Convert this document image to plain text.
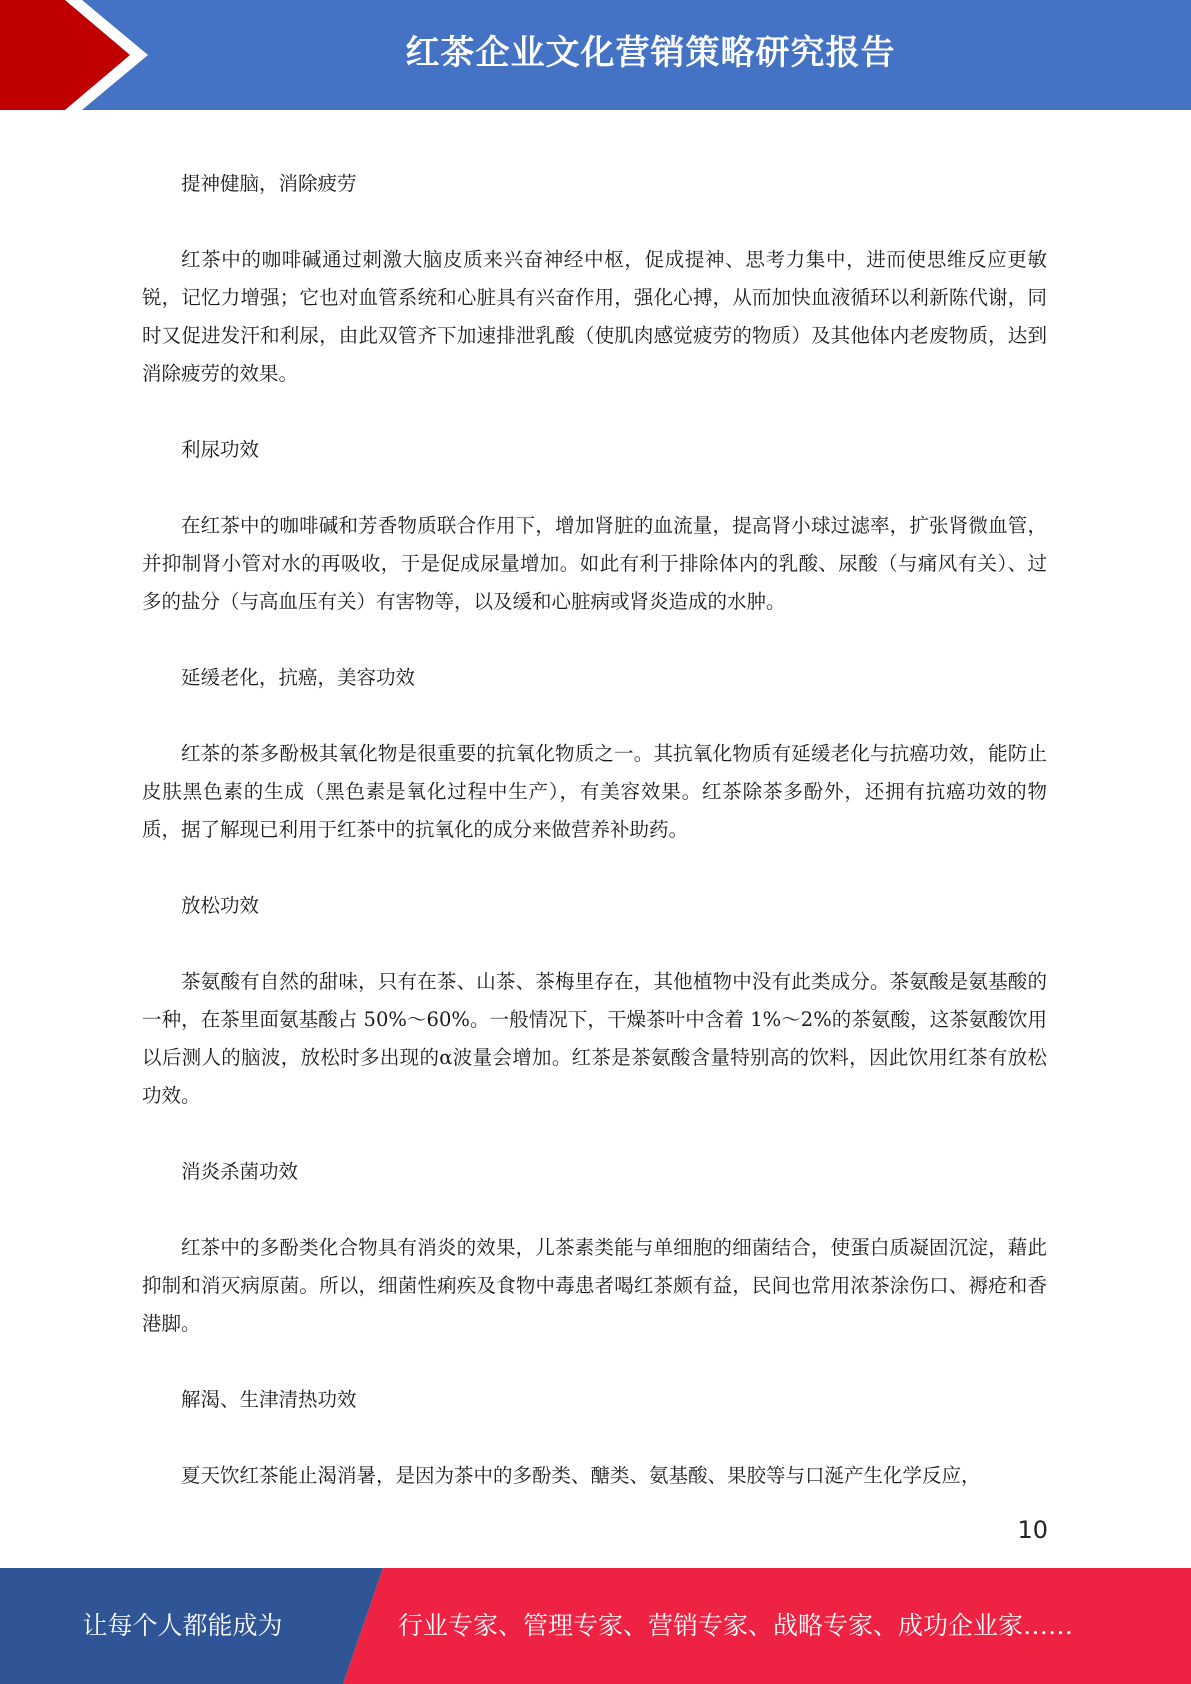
红茶企业文化营销策略研究报告

提神健脑，消除疲劳

红茶中的咖啡碱通过刺激大脑皮质来兴奋神经中枢，促成提神、思考力集中，进而使思维反应更敏锐，记忆力增强；它也对血管系统和心脏具有兴奋作用，强化心搏，从而加快血液循环以利新陈代谢，同时又促进发汗和利尿，由此双管齐下加速排泄乳酸（使肌肉感觉疲劳的物质）及其他体内老废物质，达到消除疲劳的效果。

利尿功效

在红茶中的咖啡碱和芳香物质联合作用下，增加肾脏的血流量，提高肾小球过滤率，扩张肾微血管，并抑制肾小管对水的再吸收，于是促成尿量增加。如此有利于排除体内的乳酸、尿酸（与痛风有关）、过多的盐分（与高血压有关）有害物等，以及缓和心脏病或肾炎造成的水肿。

延缓老化，抗癌，美容功效

红茶的茶多酚极其氧化物是很重要的抗氧化物质之一。其抗氧化物质有延缓老化与抗癌功效，能防止皮肤黑色素的生成（黑色素是氧化过程中生产），有美容效果。红茶除茶多酚外，还拥有抗癌功效的物质，据了解现已利用于红茶中的抗氧化的成分来做营养补助药。

放松功效

茶氨酸有自然的甜味，只有在茶、山茶、茶梅里存在，其他植物中没有此类成分。茶氨酸是氨基酸的一种，在茶里面氨基酸占 50%～60%。一般情况下，干燥茶叶中含着 1%～2%的茶氨酸，这茶氨酸饮用以后测人的脑波，放松时多出现的α波量会增加。红茶是茶氨酸含量特别高的饮料，因此饮用红茶有放松功效。

消炎杀菌功效

红茶中的多酚类化合物具有消炎的效果，儿茶素类能与单细胞的细菌结合，使蛋白质凝固沉淀，藉此抑制和消灭病原菌。所以，细菌性痢疾及食物中毒患者喝红茶颇有益，民间也常用浓茶涂伤口、褥疮和香港脚。

解渴、生津清热功效

夏天饮红茶能止渴消暑，是因为茶中的多酚类、醣类、氨基酸、果胶等与口涎产生化学反应，

10
让每个人都能成为	行业专家、管理专家、营销专家、战略专家、成功企业家……
